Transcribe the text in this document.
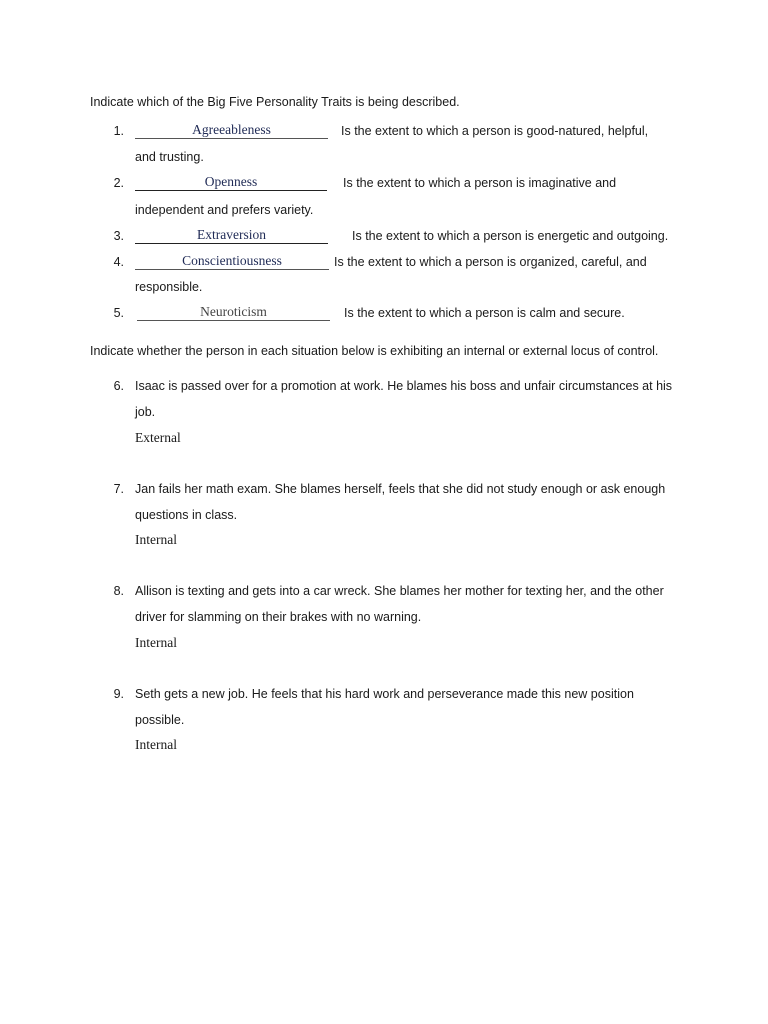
Indicate which of the Big Five Personality Traits is being described.
1.	Agreeableness	Is the extent to which a person is good-natured, helpful,
and trusting.
2.	Openness	Is the extent to which a person is imaginative and
independent and prefers variety.
3.	Extraversion	Is the extent to which a person is energetic and outgoing.
4.	Conscientiousness	Is the extent to which a person is organized, careful, and
responsible.
5.	Neuroticism	Is the extent to which a person is calm and secure.
Indicate whether the person in each situation below is exhibiting an internal or external locus of control.
6. Isaac is passed over for a promotion at work. He blames his boss and unfair circumstances at his
job.
External
7. Jan fails her math exam. She blames herself, feels that she did not study enough or ask enough
questions in class.
Internal
8. Allison is texting and gets into a car wreck. She blames her mother for texting her, and the other
driver for slamming on their brakes with no warning.
Internal
9. Seth gets a new job. He feels that his hard work and perseverance made this new position
possible.
Internal
